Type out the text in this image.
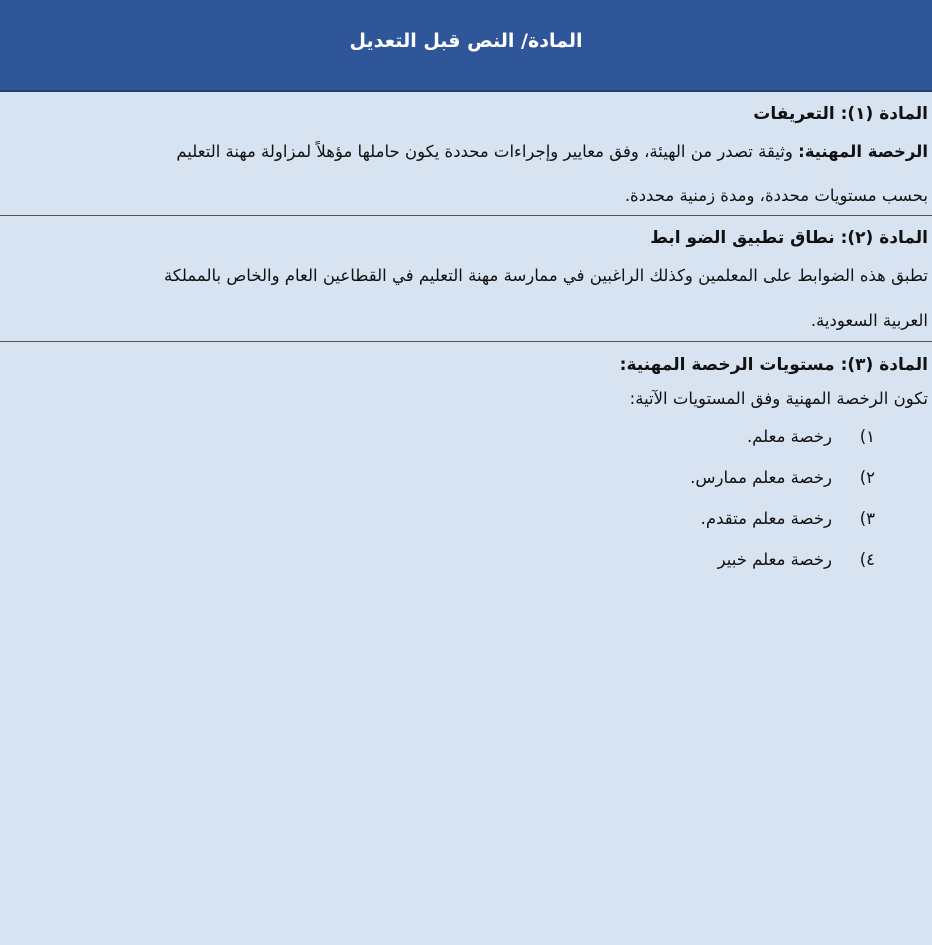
المادة/ النص قبل التعديل
المادة (١): التعريفات
الرخصة المهنية: وثيقة تصدر من الهيئة، وفق معايير وإجراءات محددة يكون حاملها مؤهلاً لمزاولة مهنة التعليم
بحسب مستويات محددة، ومدة زمنية محددة.
المادة (٢): نطاق تطبيق الضو ابط
تطبق هذه الضوابط على المعلمين وكذلك الراغبين في ممارسة مهنة التعليم في القطاعين العام والخاص بالمملكة
العربية السعودية.
المادة (٣): مستويات الرخصة المهنية:
تكون الرخصة المهنية وفق المستويات الآتية:
١)
رخصة معلم.
٢)
رخصة معلم ممارس.
٣)
رخصة معلم متقدم.
٤)
رخصة معلم خبير
